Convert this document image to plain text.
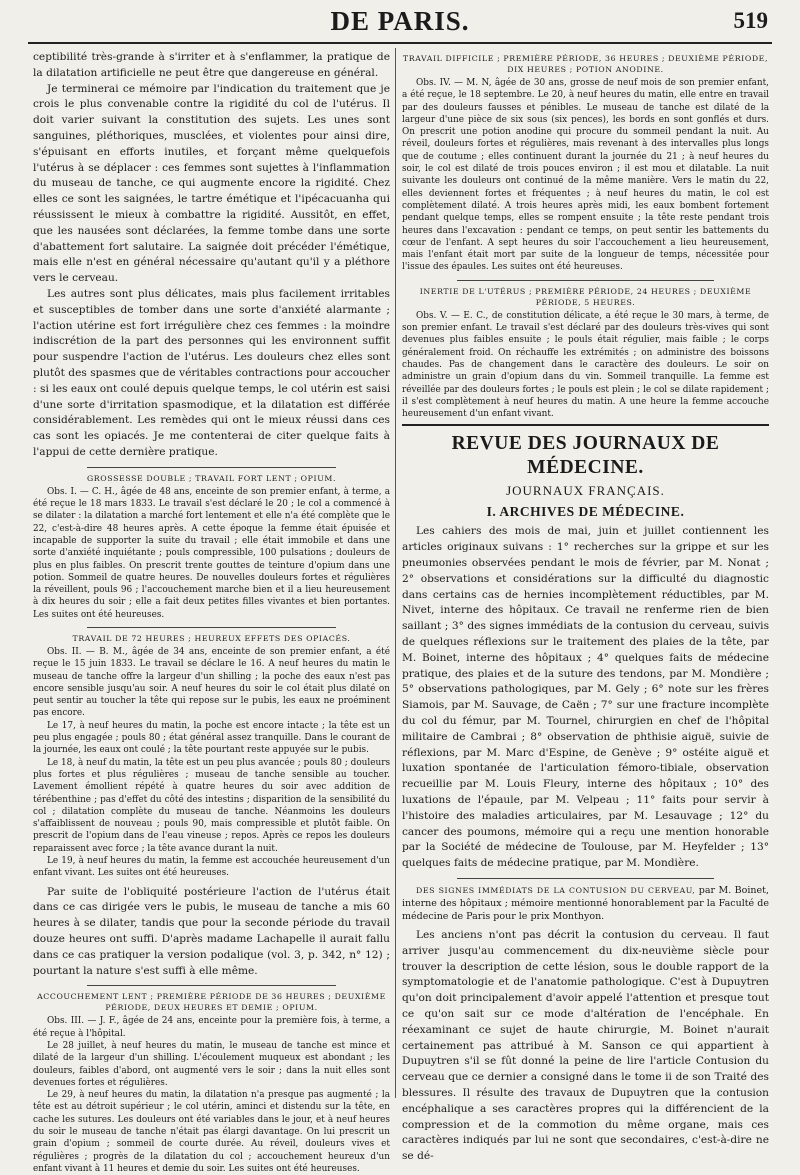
DE PARIS.	519

ceptibilité très-grande à s'irriter et à s'enflammer, la pratique de la dilatation artificielle ne peut être que dangereuse en général.

Je terminerai ce mémoire par l'indication du traitement que je crois le plus convenable contre la rigidité du col de l'utérus. Il doit varier suivant la constitution des sujets. Les unes sont sanguines, pléthoriques, musclées, et violentes pour ainsi dire, s'épuisant en efforts inutiles, et forçant même quelquefois l'utérus à se déplacer : ces femmes sont sujettes à l'inflammation du museau de tanche, ce qui augmente encore la rigidité. Chez elles ce sont les saignées, le tartre émétique et l'ipécacuanha qui réussissent le mieux à combattre la rigidité. Aussitôt, en effet, que les nausées sont déclarées, la femme tombe dans une sorte d'abattement fort salutaire. La saignée doit précéder l'émétique, mais elle n'est en général nécessaire qu'autant qu'il y a pléthore vers le cerveau.

Les autres sont plus délicates, mais plus facilement irritables et susceptibles de tomber dans une sorte d'anxiété alarmante ; l'action utérine est fort irrégulière chez ces femmes : la moindre indiscrétion de la part des personnes qui les environnent suffit pour suspendre l'action de l'utérus. Les douleurs chez elles sont plutôt des spasmes que de véritables contractions pour accoucher : si les eaux ont coulé depuis quelque temps, le col utérin est saisi d'une sorte d'irritation spasmodique, et la dilatation est différée considérablement. Les remèdes qui ont le mieux réussi dans ces cas sont les opiacés. Je me contenterai de citer quelque faits à l'appui de cette dernière pratique.

GROSSESSE DOUBLE ; TRAVAIL FORT LENT ; OPIUM.

Obs. I. — C. H., âgée de 48 ans, enceinte de son premier enfant, à terme, a été reçue le 18 mars 1833. Le travail s'est déclaré le 20 ; le col a commencé à se dilater : la dilatation a marché fort lentement et elle n'a été complète que le 22, c'est-à-dire 48 heures après. A cette époque la femme était épuisée et incapable de supporter la suite du travail ; elle était immobile et dans une sorte d'anxiété inquiétante ; pouls compressible, 100 pulsations ; douleurs de plus en plus faibles. On prescrit trente gouttes de teinture d'opium dans une potion. Sommeil de quatre heures. De nouvelles douleurs fortes et régulières la réveillent, pouls 96 ; l'accouchement marche bien et il a lieu heureusement à dix heures du soir ; elle a fait deux petites filles vivantes et bien portantes. Les suites ont été heureuses.

TRAVAIL DE 72 HEURES ; HEUREUX EFFETS DES OPIACÉS.

Obs. II. — B. M., âgée de 34 ans, enceinte de son premier enfant, a été reçue le 15 juin 1833. Le travail se déclare le 16. A neuf heures du matin le museau de tanche offre la largeur d'un shilling ; la poche des eaux n'est pas encore sensible jusqu'au soir. A neuf heures du soir le col était plus dilaté on peut sentir au toucher la tête qui repose sur le pubis, les eaux ne proéminent pas encore.

Le 17, à neuf heures du matin, la poche est encore intacte ; la tête est un peu plus engagée ; pouls 80 ; état général assez tranquille. Dans le courant de la journée, les eaux ont coulé ; la tête pourtant reste appuyée sur le pubis.

Le 18, à neuf du matin, la tête est un peu plus avancée ; pouls 80 ; douleurs plus fortes et plus régulières ; museau de tanche sensible au toucher. Lavement émollient répété à quatre heures du soir avec addition de térébenthine ; pas d'effet du côté des intestins ; disparition de la sensibilité du col ; dilatation complète du museau de tanche. Néanmoins les douleurs s'affaiblissent de nouveau ; pouls 90, mais compressible et plutôt faible. On prescrit de l'opium dans de l'eau vineuse ; repos. Après ce repos les douleurs reparaissent avec force ; la tête avance durant la nuit.

Le 19, à neuf heures du matin, la femme est accouchée heureusement d'un enfant vivant. Les suites ont été heureuses.

Par suite de l'obliquité postérieure l'action de l'utérus était dans ce cas dirigée vers le pubis, le museau de tanche a mis 60 heures à se dilater, tandis que pour la seconde période du travail douze heures ont suffi. D'après madame Lachapelle il aurait fallu dans ce cas pratiquer la version podalique (vol. 3, p. 342, n° 12) ; pourtant la nature s'est suffi à elle même.

ACCOUCHEMENT LENT ; PREMIÈRE PÉRIODE DE 36 HEURES ; DEUXIÈME PÉRIODE, DEUX HEURES ET DEMIE ; OPIUM.

Obs. III. — J. F., âgée de 24 ans, enceinte pour la première fois, à terme, a été reçue à l'hôpital.

Le 28 juillet, à neuf heures du matin, le museau de tanche est mince et dilaté de la largeur d'un shilling. L'écoulement muqueux est abondant ; les douleurs, faibles d'abord, ont augmenté vers le soir ; dans la nuit elles sont devenues fortes et régulières.

Le 29, à neuf heures du matin, la dilatation n'a presque pas augmenté ; la tête est au détroit supérieur ; le col utérin, aminci et distendu sur la tête, en cache les sutures. Les douleurs ont été variables dans le jour, et à neuf heures du soir le museau de tanche n'était pas élargi davantage. On lui prescrit un grain d'opium ; sommeil de courte durée. Au réveil, douleurs vives et régulières ; progrès de la dilatation du col ; accouchement heureux d'un enfant vivant à 11 heures et demie du soir. Les suites ont été heureuses.

TRAVAIL DIFFICILE ; PREMIÈRE PÉRIODE, 36 HEURES ; DEUXIÈME PÉRIODE, DIX HEURES ; POTION ANODINE.

Obs. IV. — M. N, âgée de 30 ans, grosse de neuf mois de son premier enfant, a été reçue, le 18 septembre. Le 20, à neuf heures du matin, elle entre en travail par des douleurs fausses et pénibles. Le museau de tanche est dilaté de la largeur d'une pièce de six sous (six pences), les bords en sont gonflés et durs. On prescrit une potion anodine qui procure du sommeil pendant la nuit. Au réveil, douleurs fortes et régulières, mais revenant à des intervalles plus longs que de coutume ; elles continuent durant la journée du 21 ; à neuf heures du soir, le col est dilaté de trois pouces environ ; il est mou et dilatable. La nuit suivante les douleurs ont continué de la même manière. Vers le matin du 22, elles deviennent fortes et fréquentes ; à neuf heures du matin, le col est complètement dilaté. A trois heures après midi, les eaux bombent fortement pendant quelque temps, elles se rompent ensuite ; la tête reste pendant trois heures dans l'excavation : pendant ce temps, on peut sentir les battements du cœur de l'enfant. A sept heures du soir l'accouchement a lieu heureusement, mais l'enfant était mort par suite de la longueur de temps, nécessitée pour l'issue des épaules. Les suites ont été heureuses.

INERTIE DE L'UTÉRUS ; PREMIÈRE PÉRIODE, 24 HEURES ; DEUXIÈME PÉRIODE, 5 HEURES.

Obs. V. — E. C., de constitution délicate, a été reçue le 30 mars, à terme, de son premier enfant. Le travail s'est déclaré par des douleurs très-vives qui sont devenues plus faibles ensuite ; le pouls était régulier, mais faible ; le corps généralement froid. On réchauffe les extrémités ; on administre des boissons chaudes. Pas de changement dans le caractère des douleurs. Le soir on administre un grain d'opium dans du vin. Sommeil tranquille. La femme est réveillée par des douleurs fortes ; le pouls est plein ; le col se dilate rapidement ; il s'est complètement à neuf heures du matin. A une heure la femme accouche heureusement d'un enfant vivant.

REVUE DES JOURNAUX DE MÉDECINE.
JOURNAUX FRANÇAIS.
I. ARCHIVES DE MÉDECINE.

Les cahiers des mois de mai, juin et juillet contiennent les articles originaux suivans : 1° recherches sur la grippe et sur les pneumonies observées pendant le mois de février, par M. Nonat ; 2° observations et considérations sur la difficulté du diagnostic dans certains cas de hernies incomplètement réductibles, par M. Nivet, interne des hôpitaux. Ce travail ne renferme rien de bien saillant ; 3° des signes immédiats de la contusion du cerveau, suivis de quelques réflexions sur le traitement des plaies de la tête, par M. Boinet, interne des hôpitaux ; 4° quelques faits de médecine pratique, des plaies et de la suture des tendons, par M. Mondière ; 5° observations pathologiques, par M. Gely ; 6° note sur les frères Siamois, par M. Sauvage, de Caën ; 7° sur une fracture incomplète du col du fémur, par M. Tournel, chirurgien en chef de l'hôpital militaire de Cambrai ; 8° observation de phthisie aiguë, suivie de réflexions, par M. Marc d'Espine, de Genève ; 9° ostéite aiguë et luxation spontanée de l'articulation fémoro-tibiale, observation recueillie par M. Louis Fleury, interne des hôpitaux ; 10° des luxations de l'épaule, par M. Velpeau ; 11° faits pour servir à l'histoire des maladies articulaires, par M. Lesauvage ; 12° du cancer des poumons, mémoire qui a reçu une mention honorable par la Société de médecine de Toulouse, par M. Heyfelder ; 13° quelques faits de médecine pratique, par M. Mondière.

DES SIGNES IMMÉDIATS DE LA CONTUSION DU CERVEAU, par M. Boinet, interne des hôpitaux ; mémoire mentionné honorablement par la Faculté de médecine de Paris pour le prix Monthyon.

Les anciens n'ont pas décrit la contusion du cerveau. Il faut arriver jusqu'au commencement du dix-neuvième siècle pour trouver la description de cette lésion, sous le double rapport de la symptomatologie et de l'anatomie pathologique. C'est à Dupuytren qu'on doit principalement d'avoir appelé l'attention et presque tout ce qu'on sait sur ce mode d'altération de l'encéphale. En réexaminant ce sujet de haute chirurgie, M. Boinet n'aurait certainement pas attribué à M. Sanson ce qui appartient à Dupuytren s'il se fût donné la peine de lire l'article Contusion du cerveau que ce dernier a consigné dans le tome ii de son Traité des blessures. Il résulte des travaux de Dupuytren que la contusion encéphalique a ses caractères propres qui la différencient de la compression et de la commotion du même organe, mais ces caractères indiqués par lui ne sont que secondaires, c'est-à-dire ne se dé-
